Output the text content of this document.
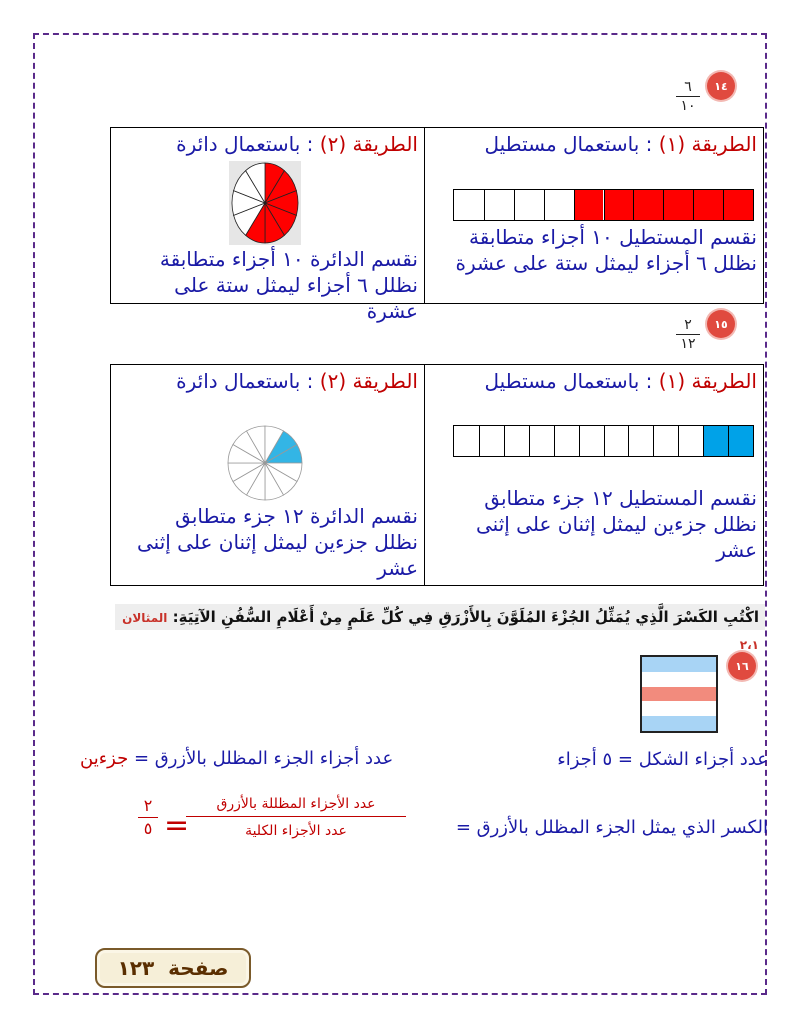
١٤
٦
١٠
الطريقة (٢) : باستعمال دائرة
نقسم الدائرة ١٠ أجزاء متطابقة
نظلل ٦ أجزاء ليمثل ستة على عشرة
الطريقة (١) : باستعمال مستطيل
نقسم المستطيل ١٠ أجزاء متطابقة
نظلل ٦ أجزاء ليمثل ستة على عشرة
١٥
٢
١٢
الطريقة (٢) : باستعمال دائرة
نقسم الدائرة ١٢ جزء متطابق
نظلل جزءين ليمثل إثنان على إثنى عشر
الطريقة (١) : باستعمال مستطيل
نقسم المستطيل ١٢ جزء متطابق
نظلل جزءين ليمثل إثنان على إثنى عشر
اكْتُبِ الكَسْرَ الَّذِي يُمَثِّلُ الجُزْءَ المُلَوَّنَ بِالأَزْرَقِ فِي كُلِّ عَلَمٍ مِنْ أَعْلَامِ السُّفُنِ الآتِيَةِ: المثالان ٢،١
١٦
عدد أجزاء الشكل = ٥ أجزاء
عدد أجزاء الجزء المظلل بالأزرق = جزءين
الكسر الذي يمثل الجزء المظلل بالأزرق =
عدد الأجزاء المظللة بالأزرق
عدد الأجزاء الكلية
=
٢
٥
صفحة

١٢٣
